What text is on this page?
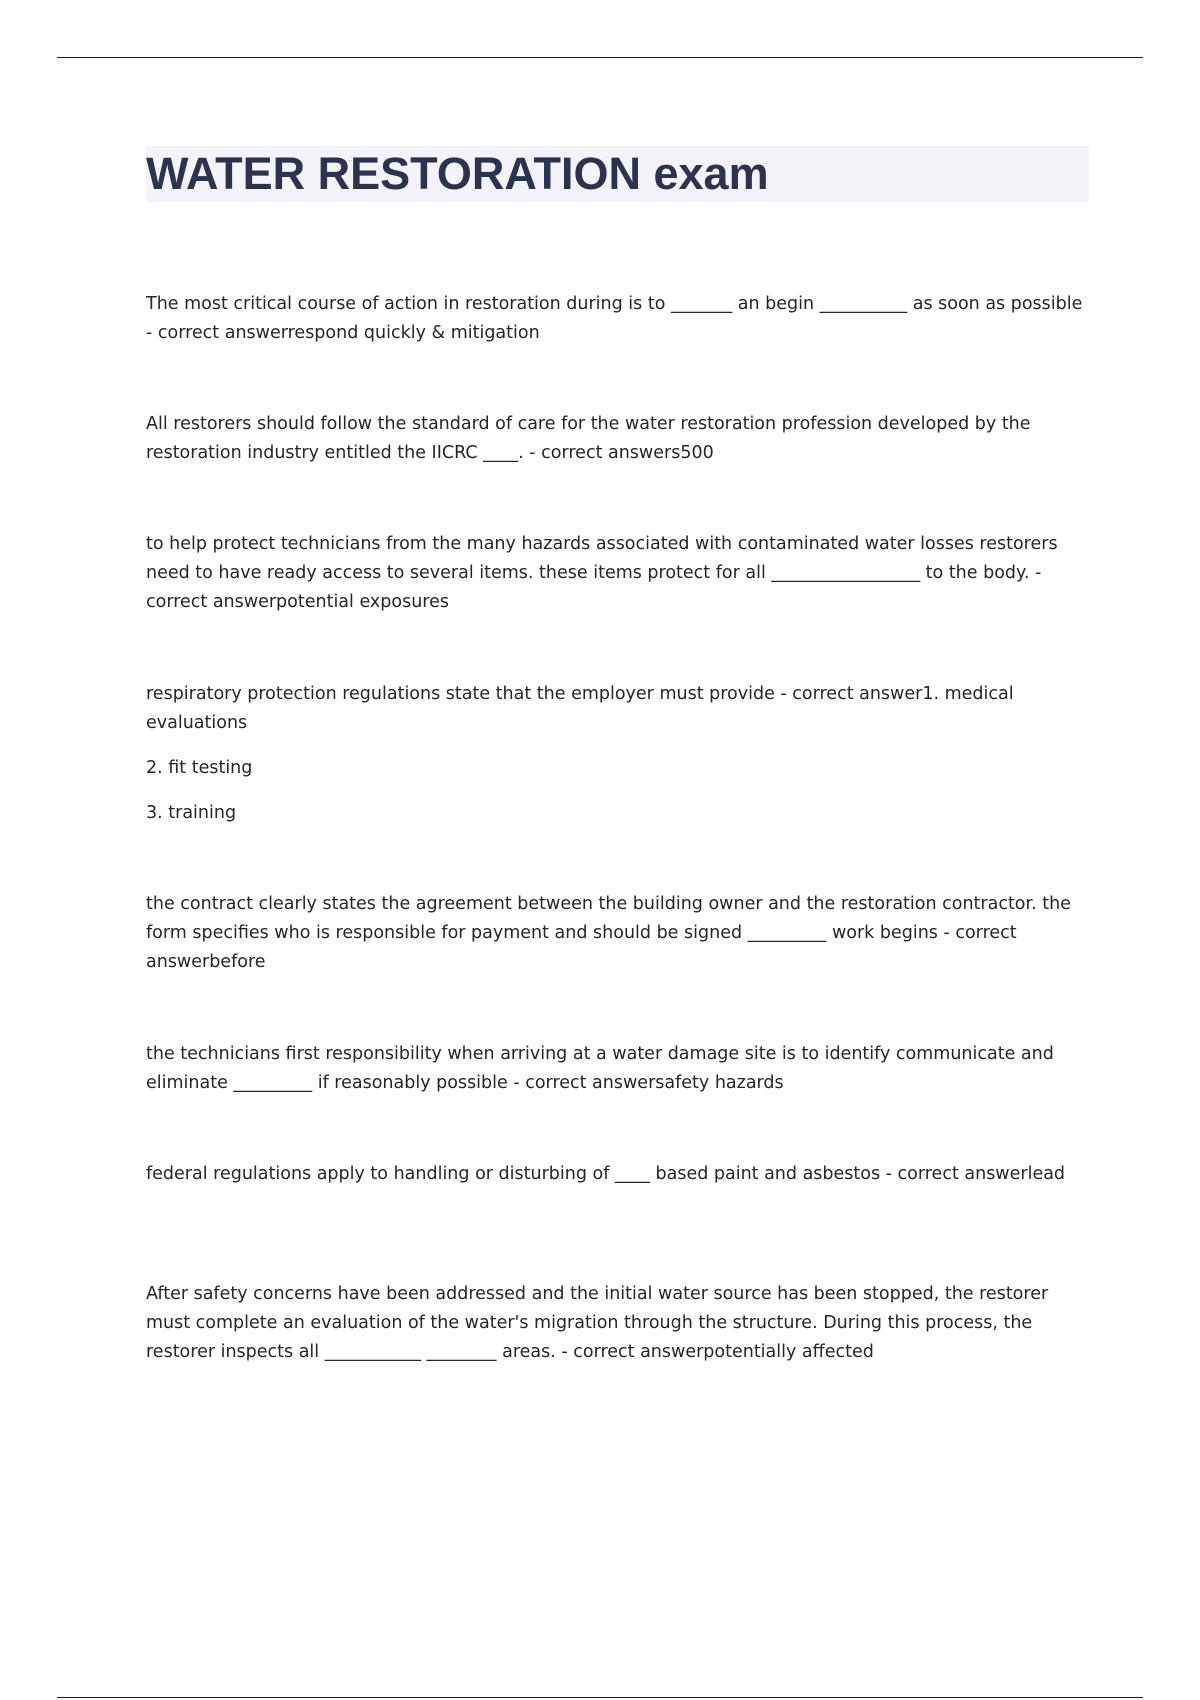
WATER RESTORATION exam

The most critical course of action in restoration during is to _______ an begin __________ as soon as possible - correct answerrespond quickly & mitigation

All restorers should follow the standard of care for the water restoration profession developed by the restoration industry entitled the IICRC ____. - correct answers500

to help protect technicians from the many hazards associated with contaminated water losses restorers need to have ready access to several items. these items protect for all _________________ to the body. - correct answerpotential exposures

respiratory protection regulations state that the employer must provide - correct answer1. medical evaluations

2. fit testing

3. training

the contract clearly states the agreement between the building owner and the restoration contractor. the form specifies who is responsible for payment and should be signed _________ work begins - correct answerbefore

the technicians first responsibility when arriving at a water damage site is to identify communicate and eliminate _________ if reasonably possible - correct answersafety hazards

federal regulations apply to handling or disturbing of ____ based paint and asbestos - correct answerlead

After safety concerns have been addressed and the initial water source has been stopped, the restorer must complete an evaluation of the water's migration through the structure. During this process, the restorer inspects all ___________ ________ areas. - correct answerpotentially affected
